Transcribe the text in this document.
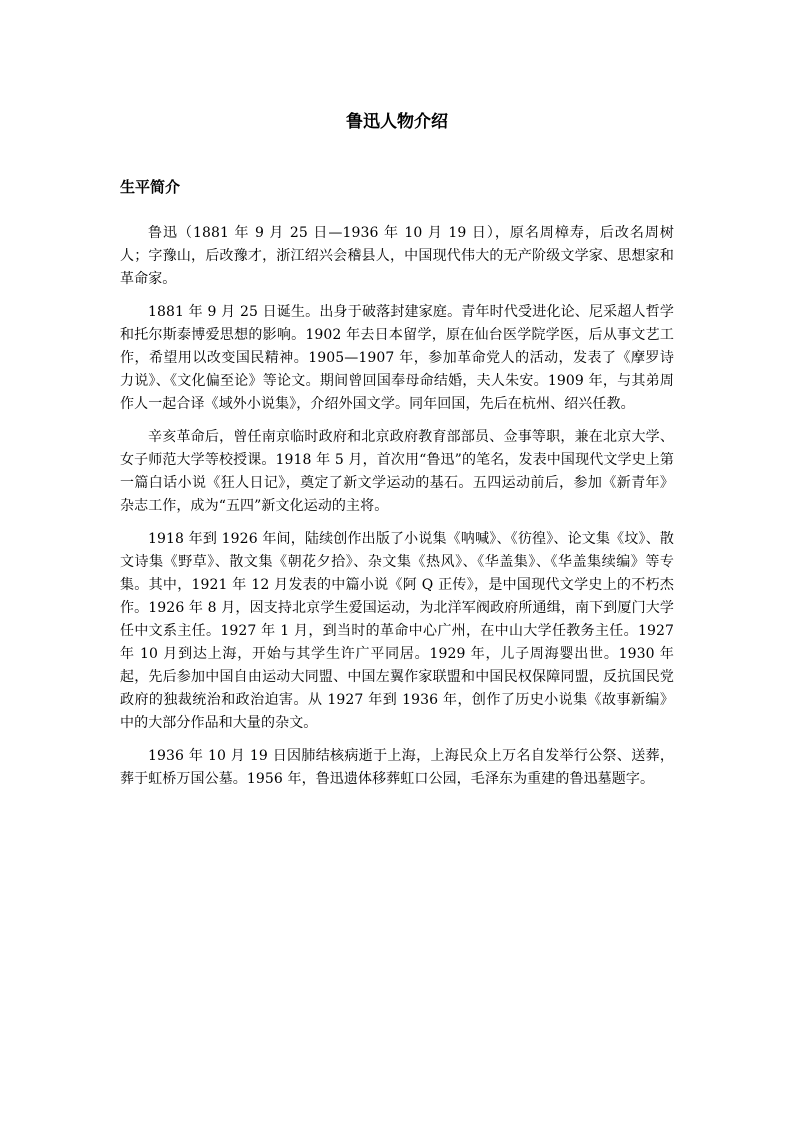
鲁迅人物介绍
生平简介

鲁迅（1881 年 9 月 25 日—1936 年 10 月 19 日），原名周樟寿，后改名周树人；字豫山，后改豫才，浙江绍兴会稽县人，中国现代伟大的无产阶级文学家、思想家和革命家。

1881 年 9 月 25 日诞生。出身于破落封建家庭。青年时代受进化论、尼采超人哲学和托尔斯泰博爱思想的影响。1902 年去日本留学，原在仙台医学院学医，后从事文艺工作，希望用以改变国民精神。1905—1907 年，参加革命党人的活动，发表了《摩罗诗力说》、《文化偏至论》等论文。期间曾回国奉母命结婚，夫人朱安。1909 年，与其弟周作人一起合译《域外小说集》，介绍外国文学。同年回国，先后在杭州、绍兴任教。

辛亥革命后，曾任南京临时政府和北京政府教育部部员、佥事等职，兼在北京大学、女子师范大学等校授课。1918 年 5 月，首次用“鲁迅”的笔名，发表中国现代文学史上第一篇白话小说《狂人日记》，奠定了新文学运动的基石。五四运动前后，参加《新青年》杂志工作，成为“五四”新文化运动的主将。

1918 年到 1926 年间，陆续创作出版了小说集《呐喊》、《彷徨》、论文集《坟》、散文诗集《野草》、散文集《朝花夕拾》、杂文集《热风》、《华盖集》、《华盖集续编》等专集。其中，1921 年 12 月发表的中篇小说《阿 Q 正传》，是中国现代文学史上的不朽杰作。1926 年 8 月，因支持北京学生爱国运动，为北洋军阀政府所通缉，南下到厦门大学任中文系主任。1927 年 1 月，到当时的革命中心广州，在中山大学任教务主任。1927 年 10 月到达上海，开始与其学生许广平同居。1929 年，儿子周海婴出世。1930 年起，先后参加中国自由运动大同盟、中国左翼作家联盟和中国民权保障同盟，反抗国民党政府的独裁统治和政治迫害。从 1927 年到 1936 年，创作了历史小说集《故事新编》中的大部分作品和大量的杂文。

1936 年 10 月 19 日因肺结核病逝于上海，上海民众上万名自发举行公祭、送葬，葬于虹桥万国公墓。1956 年，鲁迅遗体移葬虹口公园，毛泽东为重建的鲁迅墓题字。
